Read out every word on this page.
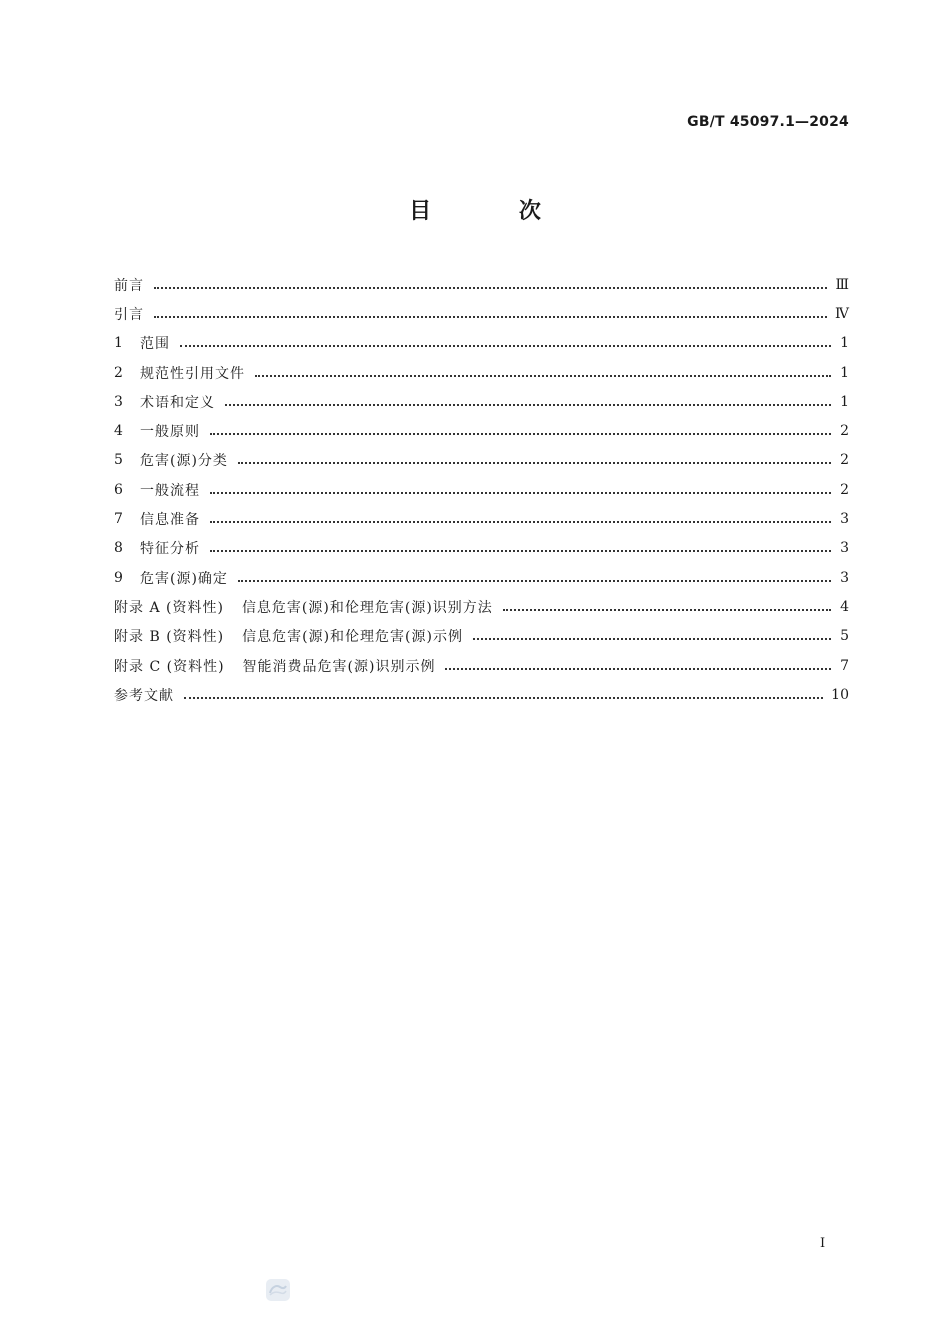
GB/T 45097.1—2024
目 次
前言	Ⅲ
引言	Ⅳ
1	范围	1
2	规范性引用文件	1
3	术语和定义	1
4	一般原则	2
5	危害(源)分类	2
6	一般流程	2
7	信息准备	3
8	特征分析	3
9	危害(源)确定	3
附录 A (资料性) 信息危害(源)和伦理危害(源)识别方法	4
附录 B (资料性) 信息危害(源)和伦理危害(源)示例	5
附录 C (资料性) 智能消费品危害(源)识别示例	7
参考文献	10
I
